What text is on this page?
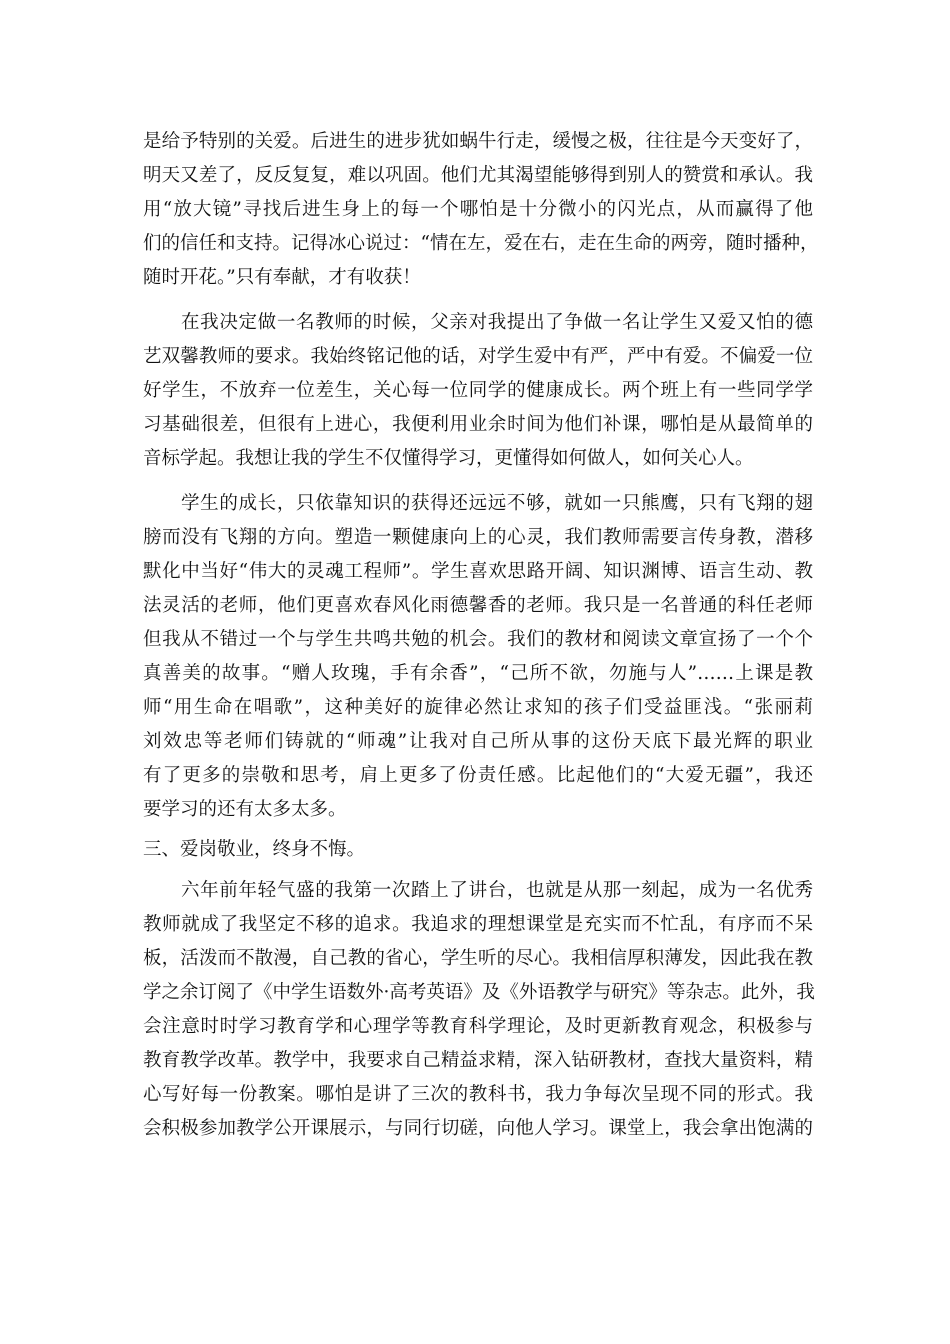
是给予特别的关爱。后进生的进步犹如蜗牛行走，缓慢之极，往往是今天变好了，
明天又差了，反反复复，难以巩固。他们尤其渴望能够得到别人的赞赏和承认。我
用“放大镜”寻找后进生身上的每一个哪怕是十分微小的闪光点，从而赢得了他
们的信任和支持。记得冰心说过：“情在左，爱在右，走在生命的两旁，随时播种，
随时开花。”只有奉献，才有收获！
在我决定做一名教师的时候，父亲对我提出了争做一名让学生又爱又怕的德
艺双馨教师的要求。我始终铭记他的话，对学生爱中有严，严中有爱。不偏爱一位
好学生，不放弃一位差生，关心每一位同学的健康成长。两个班上有一些同学学
习基础很差，但很有上进心，我便利用业余时间为他们补课，哪怕是从最简单的
音标学起。我想让我的学生不仅懂得学习，更懂得如何做人，如何关心人。
学生的成长，只依靠知识的获得还远远不够，就如一只熊鹰，只有飞翔的翅
膀而没有飞翔的方向。塑造一颗健康向上的心灵，我们教师需要言传身教，潜移
默化中当好“伟大的灵魂工程师”。学生喜欢思路开阔、知识渊博、语言生动、教
法灵活的老师，他们更喜欢春风化雨德馨香的老师。我只是一名普通的科任老师
但我从不错过一个与学生共鸣共勉的机会。我们的教材和阅读文章宣扬了一个个
真善美的故事。“赠人玫瑰，手有余香”，“己所不欲，勿施与人”……上课是教
师“用生命在唱歌”，这种美好的旋律必然让求知的孩子们受益匪浅。“张丽莉
刘效忠等老师们铸就的“师魂”让我对自己所从事的这份天底下最光辉的职业
有了更多的崇敬和思考，肩上更多了份责任感。比起他们的“大爱无疆”，我还
要学习的还有太多太多。
三、爱岗敬业，终身不悔。
六年前年轻气盛的我第一次踏上了讲台，也就是从那一刻起，成为一名优秀
教师就成了我坚定不移的追求。我追求的理想课堂是充实而不忙乱，有序而不呆
板，活泼而不散漫，自己教的省心，学生听的尽心。我相信厚积薄发，因此我在教
学之余订阅了《中学生语数外·高考英语》及《外语教学与研究》等杂志。此外，我
会注意时时学习教育学和心理学等教育科学理论，及时更新教育观念，积极参与
教育教学改革。教学中，我要求自己精益求精，深入钻研教材，查找大量资料，精
心写好每一份教案。哪怕是讲了三次的教科书，我力争每次呈现不同的形式。我
会积极参加教学公开课展示，与同行切磋，向他人学习。课堂上，我会拿出饱满的
